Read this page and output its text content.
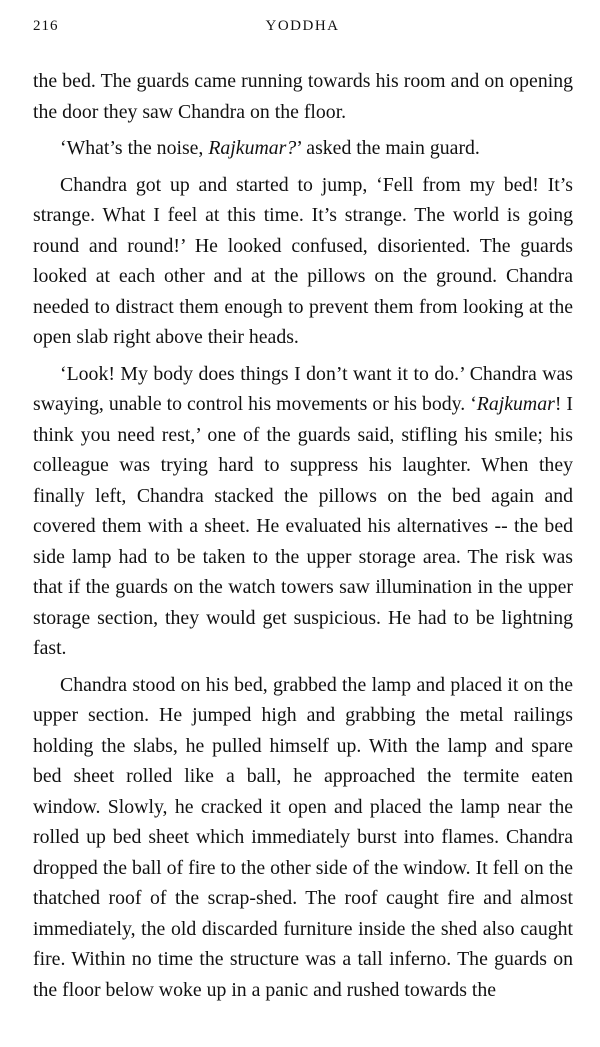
216	YODDHA

the bed. The guards came running towards his room and on opening the door they saw Chandra on the floor.

‘What’s the noise, Rajkumar?’ asked the main guard.

Chandra got up and started to jump, ‘Fell from my bed! It’s strange. What I feel at this time. It’s strange. The world is going round and round!’ He looked confused, disoriented. The guards looked at each other and at the pillows on the ground. Chandra needed to distract them enough to prevent them from looking at the open slab right above their heads.

‘Look! My body does things I don’t want it to do.’ Chandra was swaying, unable to control his movements or his body. ‘Rajkumar! I think you need rest,’ one of the guards said, stifling his smile; his colleague was trying hard to suppress his laughter. When they finally left, Chandra stacked the pillows on the bed again and covered them with a sheet. He evaluated his alternatives -- the bed side lamp had to be taken to the upper storage area. The risk was that if the guards on the watch towers saw illumination in the upper storage section, they would get suspicious. He had to be lightning fast.

Chandra stood on his bed, grabbed the lamp and placed it on the upper section. He jumped high and grabbing the metal railings holding the slabs, he pulled himself up. With the lamp and spare bed sheet rolled like a ball, he approached the termite eaten window. Slowly, he cracked it open and placed the lamp near the rolled up bed sheet which immediately burst into flames. Chandra dropped the ball of fire to the other side of the window. It fell on the thatched roof of the scrap-shed. The roof caught fire and almost immediately, the old discarded furniture inside the shed also caught fire. Within no time the structure was a tall inferno. The guards on the floor below woke up in a panic and rushed towards the
